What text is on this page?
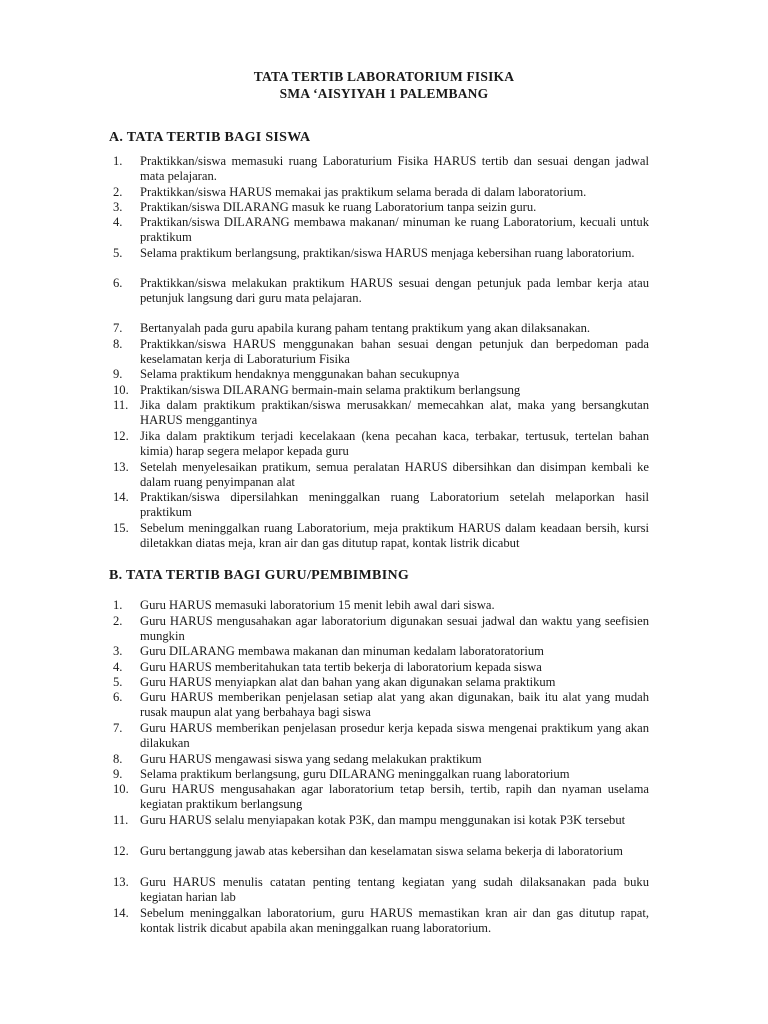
TATA TERTIB LABORATORIUM FISIKA
SMA ‘AISYIYAH 1 PALEMBANG
A. TATA TERTIB BAGI SISWA
1.	Praktikkan/siswa memasuki ruang Laboraturium Fisika HARUS tertib dan sesuai dengan jadwal mata pelajaran.
2.	Praktikkan/siswa HARUS memakai jas praktikum selama berada di dalam laboratorium.
3.	Praktikan/siswa DILARANG masuk ke ruang Laboratorium tanpa seizin guru.
4.	Praktikan/siswa DILARANG membawa makanan/ minuman ke ruang Laboratorium, kecuali untuk praktikum
5.	Selama praktikum berlangsung, praktikan/siswa HARUS menjaga kebersihan ruang laboratorium.
6.	Praktikkan/siswa melakukan praktikum HARUS sesuai dengan petunjuk pada lembar kerja atau petunjuk langsung dari guru mata pelajaran.
7.	Bertanyalah pada guru apabila kurang paham tentang praktikum yang akan dilaksanakan.
8.	Praktikkan/siswa HARUS menggunakan bahan sesuai dengan petunjuk dan berpedoman pada keselamatan kerja di Laboraturium Fisika
9.	Selama praktikum hendaknya menggunakan bahan secukupnya
10. Praktikan/siswa DILARANG bermain-main selama praktikum berlangsung
11. Jika dalam praktikum praktikan/siswa merusakkan/ memecahkan alat, maka yang bersangkutan HARUS menggantinya
12. Jika dalam praktikum terjadi kecelakaan (kena pecahan kaca, terbakar, tertusuk, tertelan bahan kimia) harap segera melapor kepada guru
13. Setelah menyelesaikan pratikum, semua peralatan HARUS dibersihkan dan disimpan kembali ke dalam ruang penyimpanan alat
14. Praktikan/siswa dipersilahkan meninggalkan ruang Laboratorium setelah melaporkan hasil praktikum
15. Sebelum meninggalkan ruang Laboratorium, meja praktikum HARUS dalam keadaan bersih, kursi diletakkan diatas meja, kran air dan gas ditutup rapat, kontak listrik dicabut
B. TATA TERTIB BAGI GURU/PEMBIMBING
1.	Guru HARUS memasuki laboratorium 15 menit lebih awal dari siswa.
2.	Guru HARUS mengusahakan agar laboratorium digunakan sesuai jadwal dan waktu yang seefisien mungkin
3.	Guru DILARANG membawa makanan dan minuman kedalam laboratoratorium
4.	Guru HARUS memberitahukan tata tertib bekerja di laboratorium kepada siswa
5.	Guru HARUS menyiapkan alat dan bahan yang akan digunakan selama praktikum
6.	Guru HARUS memberikan penjelasan setiap alat yang akan digunakan, baik itu alat yang mudah rusak maupun alat yang berbahaya bagi siswa
7.	Guru HARUS memberikan penjelasan prosedur kerja kepada siswa mengenai praktikum yang akan dilakukan
8.	Guru HARUS mengawasi siswa yang sedang melakukan praktikum
9.	Selama praktikum berlangsung, guru DILARANG meninggalkan ruang laboratorium
10. Guru HARUS mengusahakan agar laboratorium tetap bersih, tertib, rapih dan nyaman uselama kegiatan praktikum berlangsung
11. Guru HARUS selalu menyiapakan kotak P3K, dan mampu menggunakan isi kotak P3K tersebut
12. Guru bertanggung jawab atas kebersihan dan keselamatan siswa selama bekerja di laboratorium
13. Guru HARUS menulis catatan penting tentang kegiatan yang sudah dilaksanakan pada buku kegiatan harian lab
14. Sebelum meninggalkan laboratorium, guru HARUS memastikan kran air dan gas ditutup rapat, kontak listrik dicabut apabila akan meninggalkan ruang laboratorium.
